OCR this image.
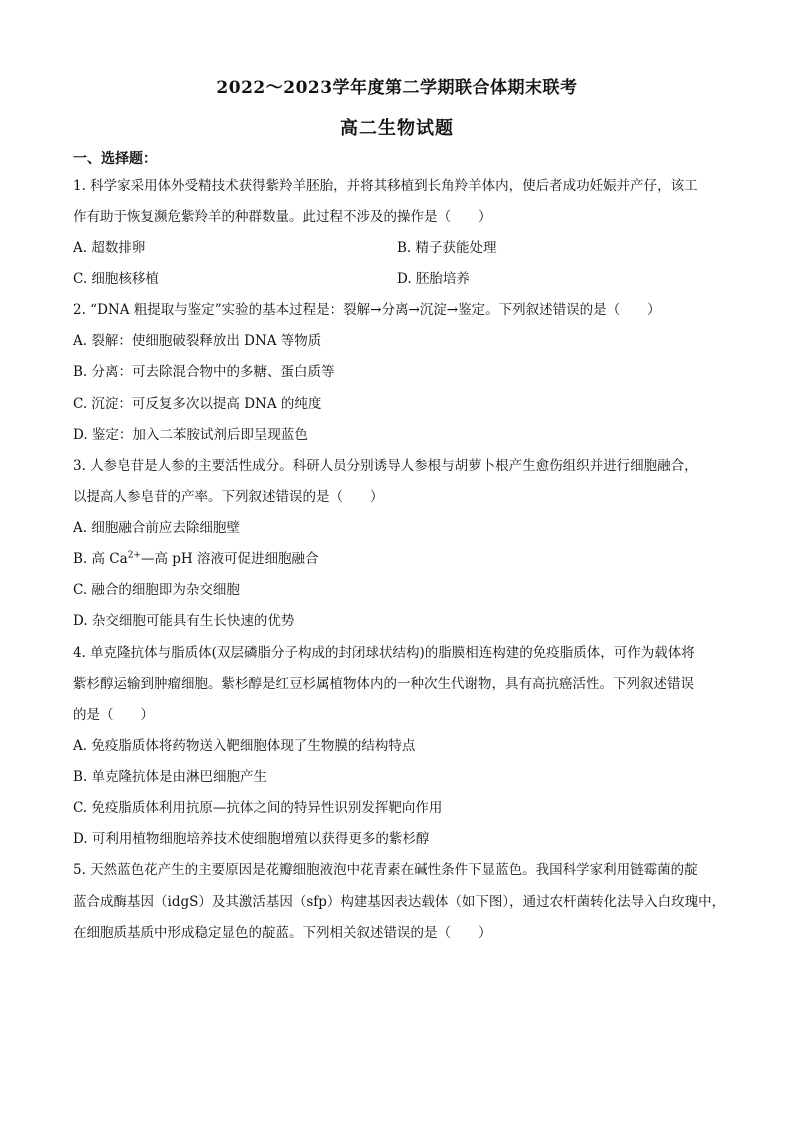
2022～2023学年度第二学期联合体期末联考
高二生物试题
一、选择题：
1. 科学家采用体外受精技术获得紫羚羊胚胎，并将其移植到长角羚羊体内，使后者成功妊娠并产仔，该工
作有助于恢复濒危紫羚羊的种群数量。此过程不涉及的操作是（　　）
A. 超数排卵	B. 精子获能处理
C. 细胞核移植	D. 胚胎培养
2. “DNA 粗提取与鉴定”实验的基本过程是：裂解→分离→沉淀→鉴定。下列叙述错误的是（　　）
A. 裂解：使细胞破裂释放出 DNA 等物质
B. 分离：可去除混合物中的多糖、蛋白质等
C. 沉淀：可反复多次以提高 DNA 的纯度
D. 鉴定：加入二苯胺试剂后即呈现蓝色
3. 人参皂苷是人参的主要活性成分。科研人员分别诱导人参根与胡萝卜根产生愈伤组织并进行细胞融合，
以提高人参皂苷的产率。下列叙述错误的是（　　）
A. 细胞融合前应去除细胞壁
B. 高 $Ca^{2+}—$高 pH 溶液可促进细胞融合
C. 融合的细胞即为杂交细胞
D. 杂交细胞可能具有生长快速的优势
4. 单克隆抗体与脂质体(双层磷脂分子构成的封闭球状结构)的脂膜相连构建的免疫脂质体，可作为载体将
紫杉醇运输到肿瘤细胞。紫杉醇是红豆杉属植物体内的一种次生代谢物，具有高抗癌活性。下列叙述错误
的是（　　）
A. 免疫脂质体将药物送入靶细胞体现了生物膜的结构特点
B. 单克隆抗体是由淋巴细胞产生
C. 免疫脂质体利用抗原—抗体之间的特异性识别发挥靶向作用
D. 可利用植物细胞培养技术使细胞增殖以获得更多的紫杉醇
5. 天然蓝色花产生的主要原因是花瓣细胞液泡中花青素在碱性条件下显蓝色。我国科学家利用链霉菌的靛
蓝合成酶基因（idgS）及其激活基因（sfp）构建基因表达载体（如下图），通过农杆菌转化法导入白玫瑰中，
在细胞质基质中形成稳定显色的靛蓝。下列相关叙述错误的是（　　）
